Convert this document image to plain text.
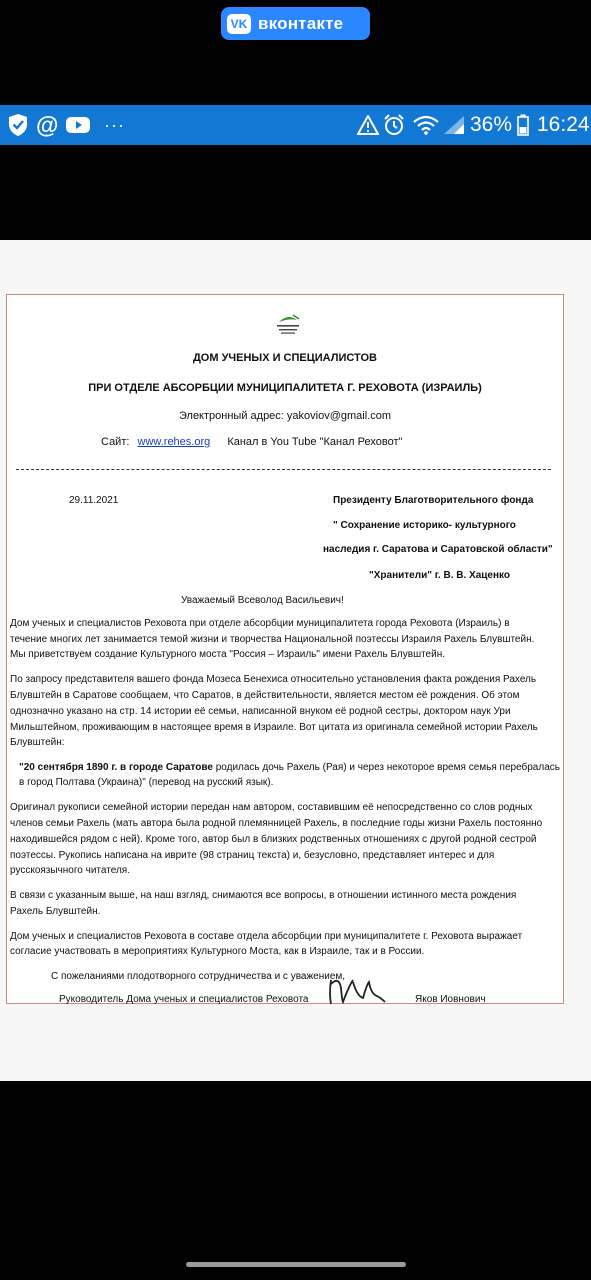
VK вконтакте
@	···	36% 16:24
ДОМ УЧЕНЫХ И СПЕЦИАЛИСТОВ
ПРИ ОТДЕЛЕ АБСОРБЦИИ МУНИЦИПАЛИТЕТА Г. РЕХОВОТА (ИЗРАИЛЬ)
Электронный адрес: yakoviov@gmail.com
Сайт: www.rehes.org Канал в You Tube "Канал Реховот"
29.11.2021	Президенту Благотворительного фонда
" Сохранение историко- культурного
наследия г. Саратова и Саратовской области"
"Хранители" г. В. В. Хаценко
Уважаемый Всеволод Васильевич!
Дом ученых и специалистов Реховота при отделе абсорбции муниципалитета города Реховота (Израиль) в
течение многих лет занимается темой жизни и творчества Национальной поэтессы Израиля Рахель Блувштейн.
Мы приветствуем создание Культурного моста "Россия – Израиль" имени Рахель Блувштейн.
По запросу представителя вашего фонда Мозеса Бенехиса относительно установления факта рождения Рахель
Блувштейн в Саратове сообщаем, что Саратов, в действительности, является местом её рождения. Об этом
однозначно указано на стр. 14 истории её семьи, написанной внуком её родной сестры, доктором наук Ури
Мильштейном, проживающим в настоящее время в Израиле. Вот цитата из оригинала семейной истории Рахель
Блувштейн:
"20 сентября 1890 г. в городе Саратове родилась дочь Рахель (Рая) и через некоторое время семья перебралась
в город Полтава (Украина)" (перевод на русский язык).
Оригинал рукописи семейной истории передан нам автором, составившим её непосредственно со слов родных
членов семьи Рахель (мать автора была родной племянницей Рахель, в последние годы жизни Рахель постоянно
находившейся рядом с ней). Кроме того, автор был в близких родственных отношениях с другой родной сестрой
поэтессы. Рукопись написана на иврите (98 страниц текста) и, безусловно, представляет интерес и для
русскоязычного читателя.
В связи с указанным выше, на наш взгляд, снимаются все вопросы, в отношении истинного места рождения
Рахель Блувштейн.
Дом ученых и специалистов Реховота в составе отдела абсорбции при муниципалитете г. Реховота выражает
согласие участвовать в мероприятиях Культурного Моста, как в Израиле, так и в России.
С пожеланиями плодотворного сотрудничества и с уважением,
Руководитель Дома ученых и специалистов Реховота	Яков Иовнович
